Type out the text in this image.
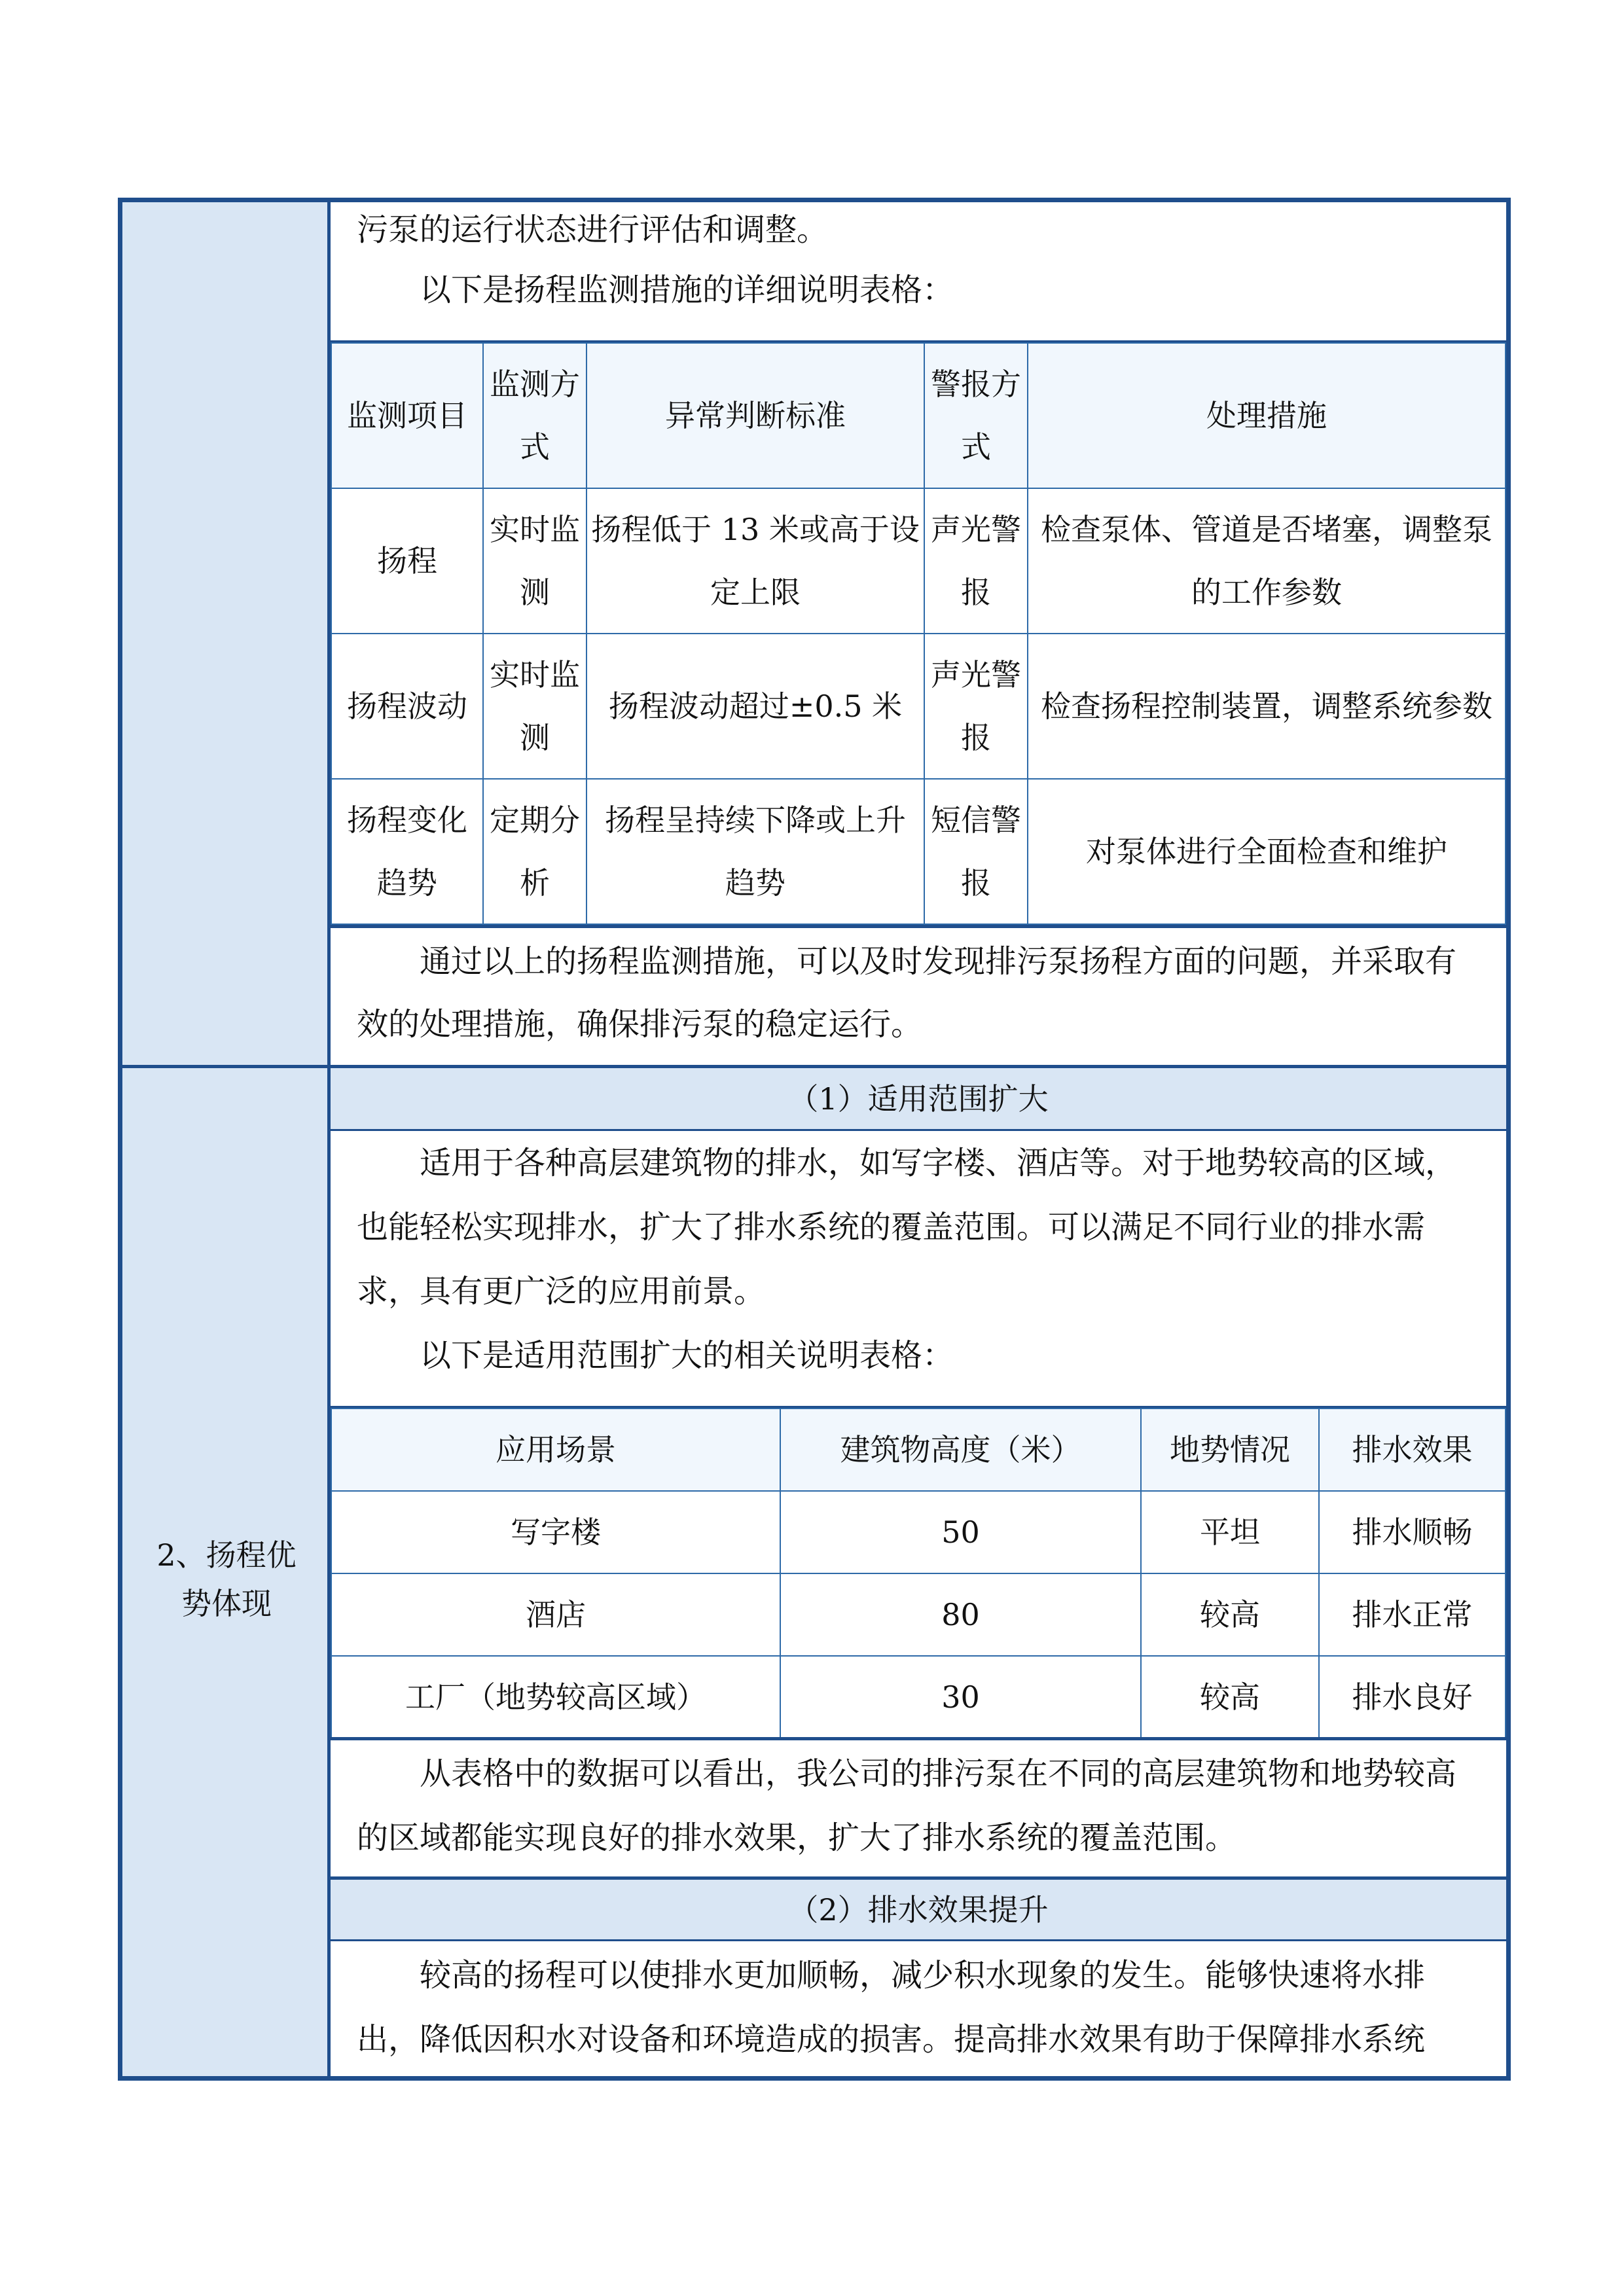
2、扬程优
势体现

污泵的运行状态进行评估和调整。

以下是扬程监测措施的详细说明表格：

监测项目	监测方式	异常判断标准	警报方式	处理措施
扬程	实时监测	扬程低于 13 米或高于设定上限	声光警报	检查泵体、管道是否堵塞，调整泵的工作参数
扬程波动	实时监测	扬程波动超过±0.5 米	声光警报	检查扬程控制装置，调整系统参数
扬程变化趋势	定期分析	扬程呈持续下降或上升趋势	短信警报	对泵体进行全面检查和维护
通过以上的扬程监测措施，可以及时发现排污泵扬程方面的问题，并采取有效的处理措施，确保排污泵的稳定运行。
（1）适用范围扩大

适用于各种高层建筑物的排水，如写字楼、酒店等。对于地势较高的区域，也能轻松实现排水，扩大了排水系统的覆盖范围。可以满足不同行业的排水需求，具有更广泛的应用前景。

以下是适用范围扩大的相关说明表格：

应用场景	建筑物高度（米）	地势情况	排水效果
写字楼	50	平坦	排水顺畅
酒店	80	较高	排水正常
工厂（地势较高区域）	30	较高	排水良好
从表格中的数据可以看出，我公司的排污泵在不同的高层建筑物和地势较高的区域都能实现良好的排水效果，扩大了排水系统的覆盖范围。
（2）排水效果提升
较高的扬程可以使排水更加顺畅，减少积水现象的发生。能够快速将水排出，降低因积水对设备和环境造成的损害。提高排水效果有助于保障排水系统
